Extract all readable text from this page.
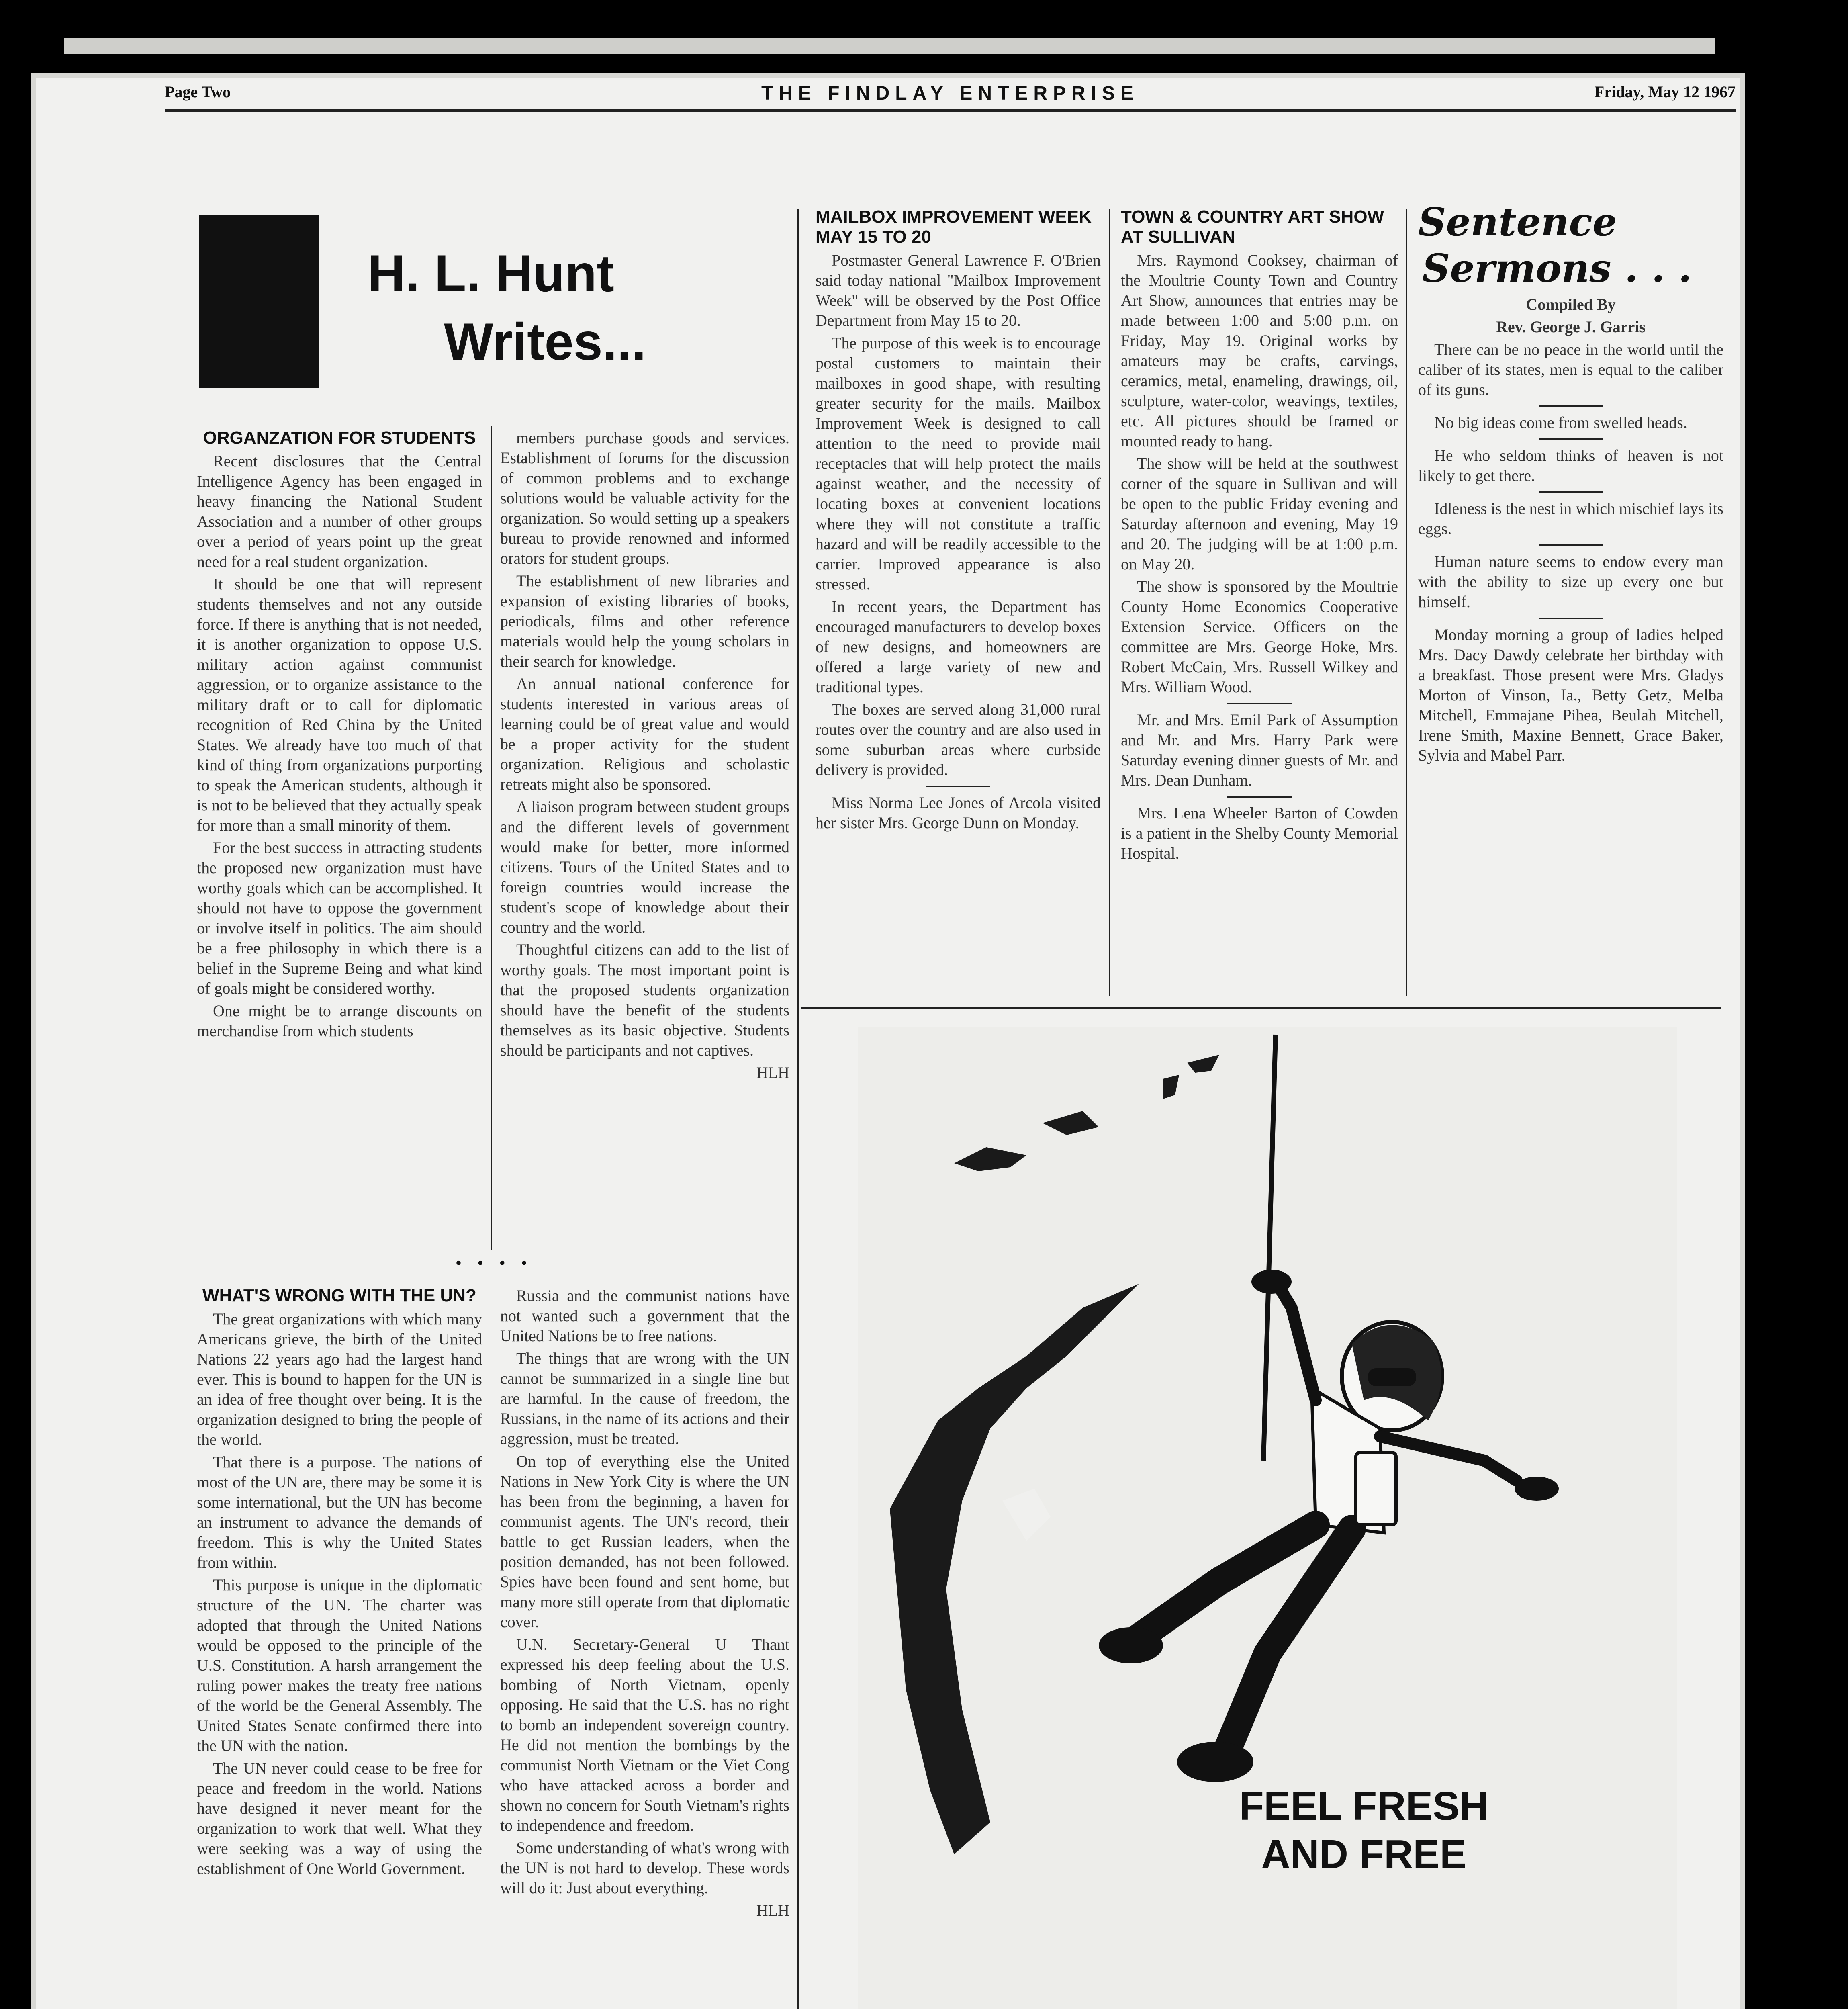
Page Two	THE FINDLAY ENTERPRISE	Friday, May 12 1967
H. L. Hunt
Writes...
ORGANZATION FOR STUDENTS

Recent disclosures that the Central Intelligence Agency has been engaged in heavy financing the National Student Association and a number of other groups over a period of years point up the great need for a real student organization.

It should be one that will represent students themselves and not any outside force. If there is anything that is not needed, it is another organization to oppose U.S. military action against communist aggression, or to organize assistance to the military draft or to call for diplomatic recognition of Red China by the United States. We already have too much of that kind of thing from organizations purporting to speak the American students, although it is not to be believed that they actually speak for more than a small minority of them.

For the best success in attracting students the proposed new organization must have worthy goals which can be accomplished. It should not have to oppose the government or involve itself in politics. The aim should be a free philosophy in which there is a belief in the Supreme Being and what kind of goals might be considered worthy.

One might be to arrange discounts on merchandise from which students

members purchase goods and services. Establishment of forums for the discussion of common problems and to exchange solutions would be valuable activity for the organization. So would setting up a speakers bureau to provide renowned and informed orators for student groups.

The establishment of new libraries and expansion of existing libraries of books, periodicals, films and other reference materials would help the young scholars in their search for knowledge.

An annual national conference for students interested in various areas of learning could be of great value and would be a proper activity for the student organization. Religious and scholastic retreats might also be sponsored.

A liaison program between student groups and the different levels of government would make for better, more informed citizens. Tours of the United States and to foreign countries would increase the student's scope of knowledge about their country and the world.

Thoughtful citizens can add to the list of worthy goals. The most important point is that the proposed students organization should have the benefit of the students themselves as its basic objective. Students should be participants and not captives.

HLH

• • • •
WHAT'S WRONG WITH THE UN?

The great organizations with which many Americans grieve, the birth of the United Nations 22 years ago had the largest hand ever. This is bound to happen for the UN is an idea of free thought over being. It is the organization designed to bring the people of the world.

That there is a purpose. The nations of most of the UN are, there may be some it is some international, but the UN has become an instrument to advance the demands of freedom. This is why the United States from within.

This purpose is unique in the diplomatic structure of the UN. The charter was adopted that through the United Nations would be opposed to the principle of the U.S. Constitution. A harsh arrangement the ruling power makes the treaty free nations of the world be the General Assembly. The United States Senate confirmed there into the UN with the nation.

The UN never could cease to be free for peace and freedom in the world. Nations have designed it never meant for the organization to work that well. What they were seeking was a way of using the establishment of One World Government.

Russia and the communist nations have not wanted such a government that the United Nations be to free nations.

The things that are wrong with the UN cannot be summarized in a single line but are harmful. In the cause of freedom, the Russians, in the name of its actions and their aggression, must be treated.

On top of everything else the United Nations in New York City is where the UN has been from the beginning, a haven for communist agents. The UN's record, their battle to get Russian leaders, when the position demanded, has not been followed. Spies have been found and sent home, but many more still operate from that diplomatic cover.

U.N. Secretary-General U Thant expressed his deep feeling about the U.S. bombing of North Vietnam, openly opposing. He said that the U.S. has no right to bomb an independent sovereign country. He did not mention the bombings by the communist North Vietnam or the Viet Cong who have attacked across a border and shown no concern for South Vietnam's rights to independence and freedom.

Some understanding of what's wrong with the UN is not hard to develop. These words will do it: Just about everything.

HLH

MAILBOX IMPROVEMENT WEEK MAY 15 TO 20

Postmaster General Lawrence F. O'Brien said today national "Mailbox Improvement Week" will be observed by the Post Office Department from May 15 to 20.

The purpose of this week is to encourage postal customers to maintain their mailboxes in good shape, with resulting greater security for the mails. Mailbox Improvement Week is designed to call attention to the need to provide mail receptacles that will help protect the mails against weather, and the necessity of locating boxes at convenient locations where they will not constitute a traffic hazard and will be readily accessible to the carrier. Improved appearance is also stressed.

In recent years, the Department has encouraged manufacturers to develop boxes of new designs, and homeowners are offered a large variety of new and traditional types.

The boxes are served along 31,000 rural routes over the country and are also used in some suburban areas where curbside delivery is provided.

Miss Norma Lee Jones of Arcola visited her sister Mrs. George Dunn on Monday.

TOWN & COUNTRY ART SHOW AT SULLIVAN

Mrs. Raymond Cooksey, chairman of the Moultrie County Town and Country Art Show, announces that entries may be made between 1:00 and 5:00 p.m. on Friday, May 19. Original works by amateurs may be crafts, carvings, ceramics, metal, enameling, drawings, oil, sculpture, water-color, weavings, textiles, etc. All pictures should be framed or mounted ready to hang.

The show will be held at the southwest corner of the square in Sullivan and will be open to the public Friday evening and Saturday afternoon and evening, May 19 and 20. The judging will be at 1:00 p.m. on May 20.

The show is sponsored by the Moultrie County Home Economics Cooperative Extension Service. Officers on the committee are Mrs. George Hoke, Mrs. Robert McCain, Mrs. Russell Wilkey and Mrs. William Wood.

Mr. and Mrs. Emil Park of Assumption and Mr. and Mrs. Harry Park were Saturday evening dinner guests of Mr. and Mrs. Dean Dunham.

Mrs. Lena Wheeler Barton of Cowden is a patient in the Shelby County Memorial Hospital.

Sentence
Sermons . . .

Compiled By

Rev. George J. Garris

There can be no peace in the world until the caliber of its states, men is equal to the caliber of its guns.

No big ideas come from swelled heads.

He who seldom thinks of heaven is not likely to get there.

Idleness is the nest in which mischief lays its eggs.

Human nature seems to endow every man with the ability to size up every one but himself.

Monday morning a group of ladies helped Mrs. Dacy Dawdy celebrate her birthday with a breakfast. Those present were Mrs. Gladys Morton of Vinson, Ia., Betty Getz, Melba Mitchell, Emmajane Pihea, Beulah Mitchell, Irene Smith, Maxine Bennett, Grace Baker, Sylvia and Mabel Parr.

FEEL FRESH
AND FREE
